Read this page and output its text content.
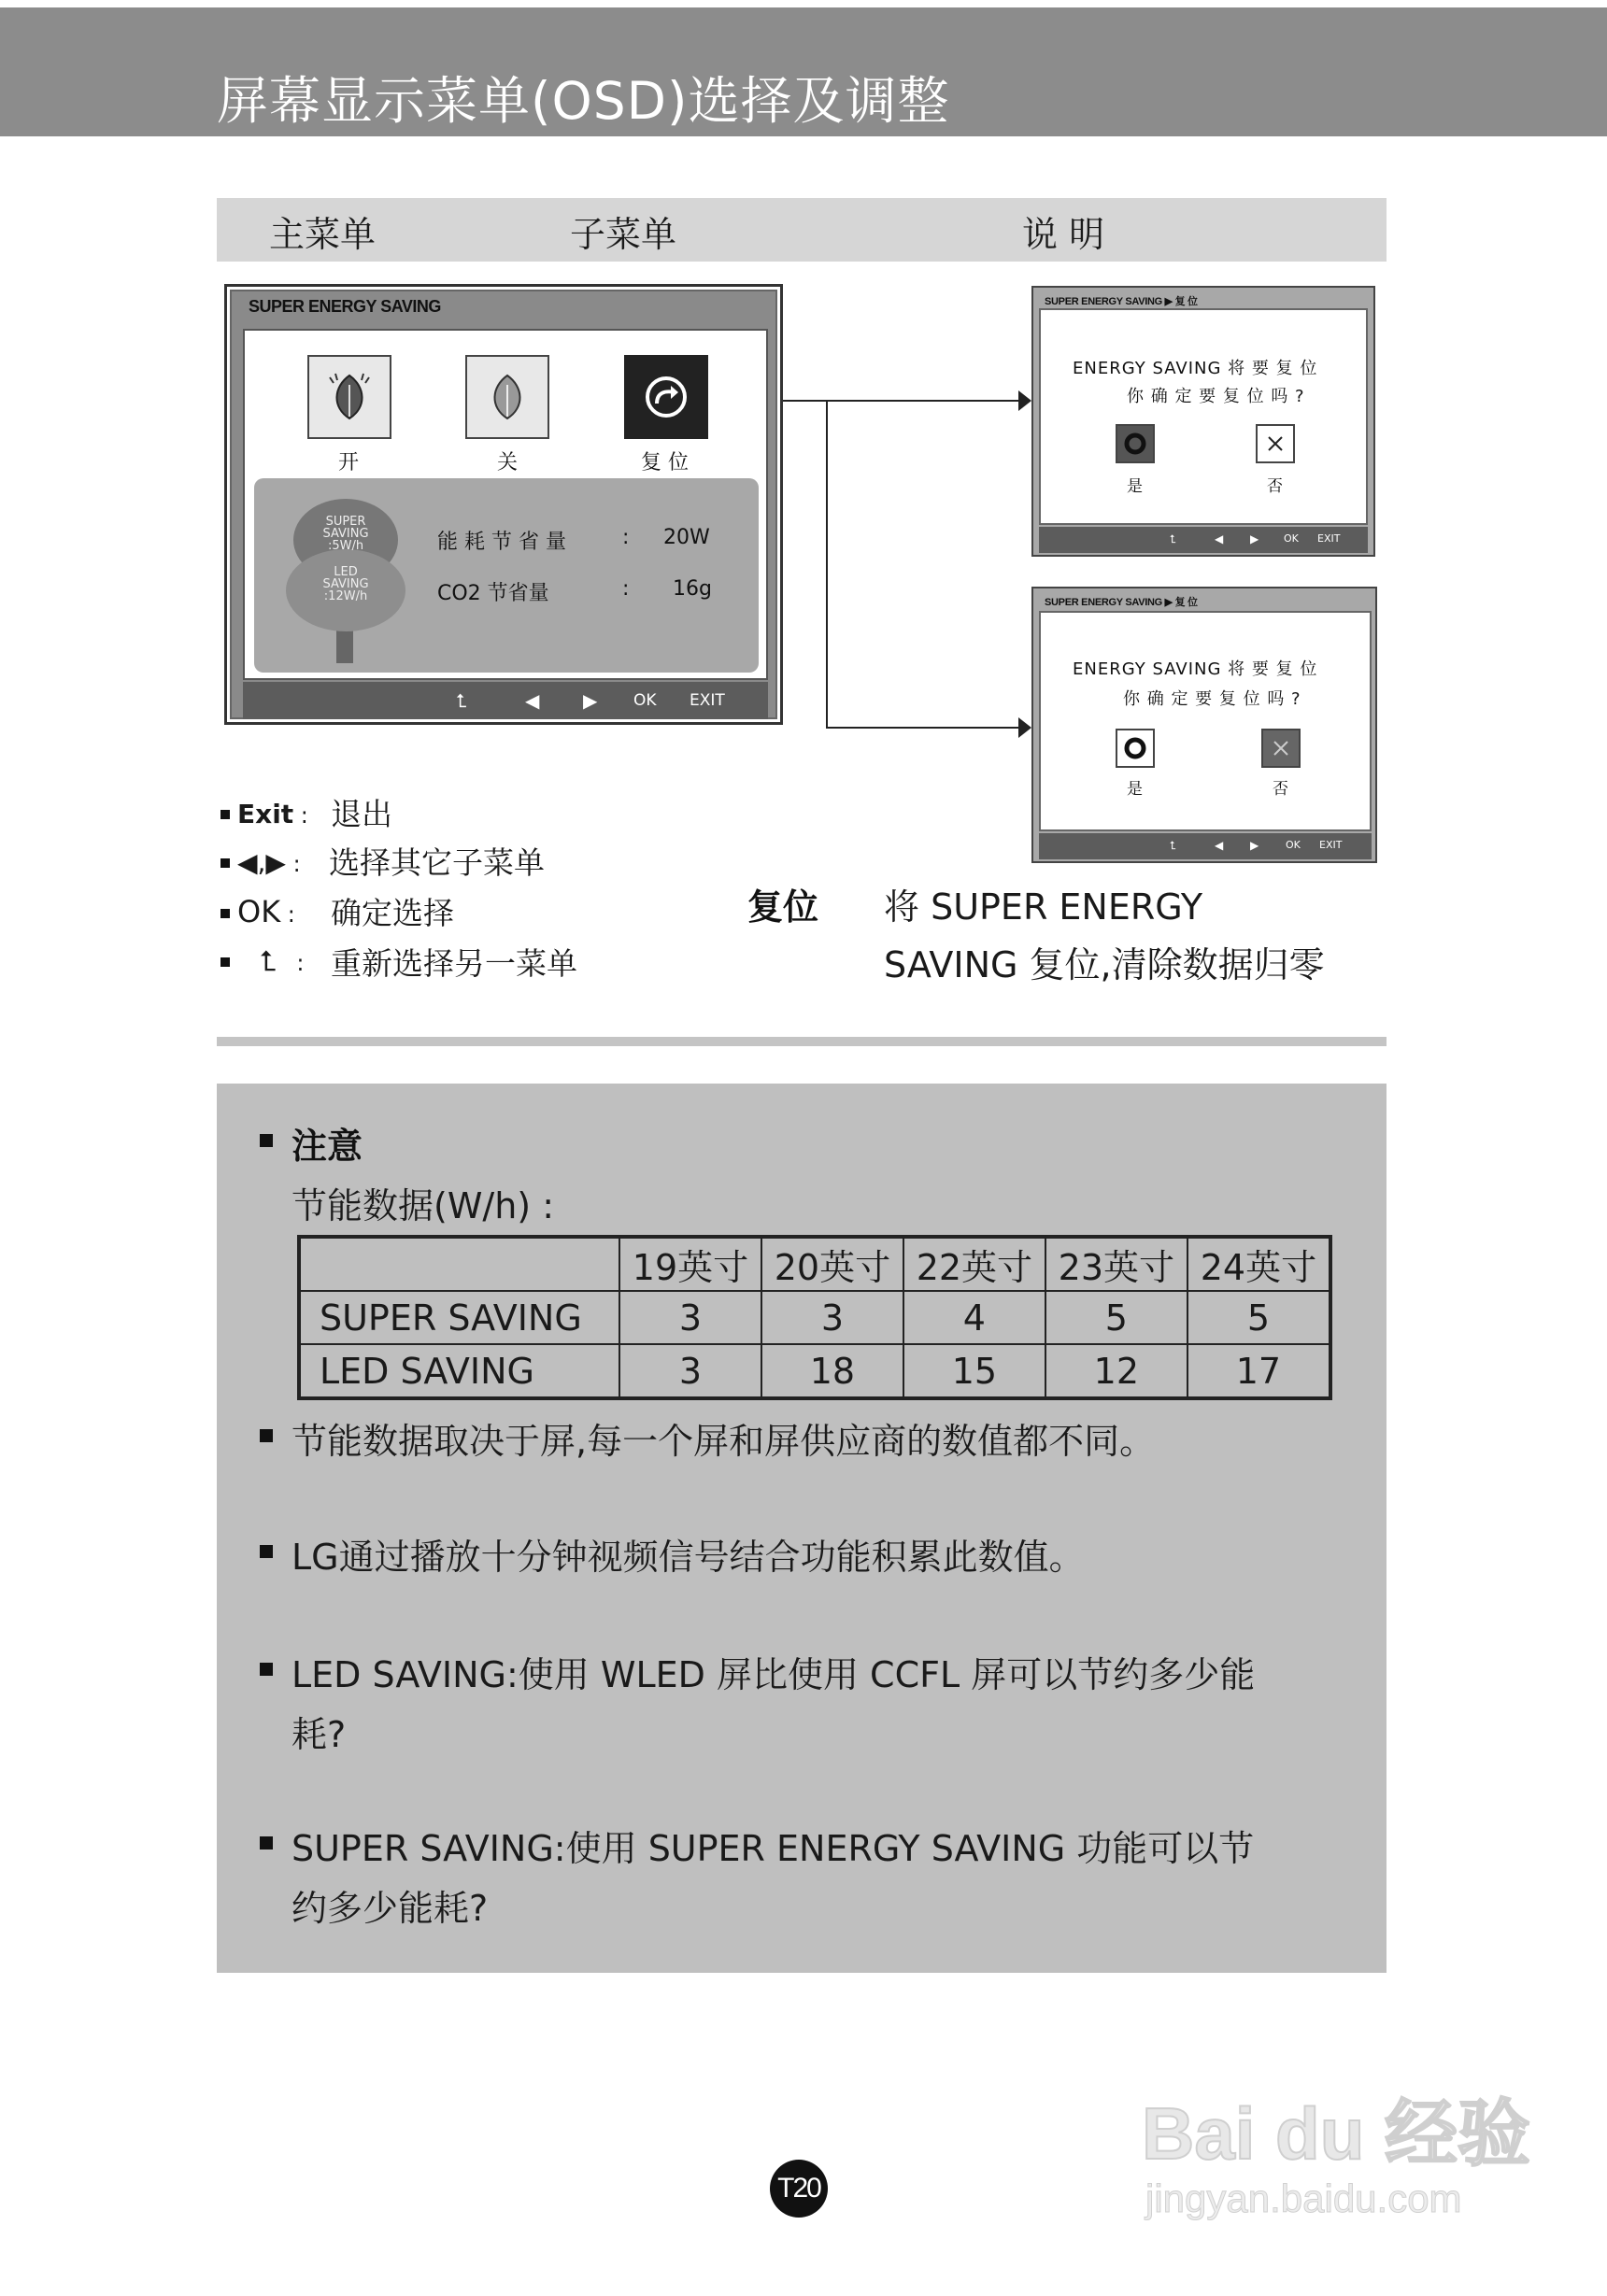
屏幕显示菜单(OSD)选择及调整
主菜单	子菜单	说 明
SUPER ENERGY SAVING
开	关	复 位
SUPER
SAVING
:5W/h
LED
SAVING
:12W/h
能 耗 节 省 量	: 20W
CO2 节省量	: 16g
⮤	◀ ▶ OK EXIT
SUPER ENERGY SAVING ▶ 复 位
ENERGY SAVING 将 要 复 位
你 确 定 要 复 位 吗 ?
是	否
⮤	◀ ▶ OK EXIT
SUPER ENERGY SAVING ▶ 复 位
ENERGY SAVING 将 要 复 位
你 确 定 要 复 位 吗 ?
是	否
⮤	◀ ▶	OK EXIT
Exit : 退出
◀,▶ : 选择其它子菜单
OK : 确定选择
⮤ : 重新选择另一菜单
复位 将 SUPER ENERGY
SAVING 复位,清除数据归零
注意
节能数据(W/h) :
	19英寸	20英寸	22英寸	23英寸	24英寸
SUPER SAVING	3	3	4	5	5
LED SAVING	3	18	15	12	17
节能数据取决于屏,每一个屏和屏供应商的数值都不同。
LG通过播放十分钟视频信号结合功能积累此数值。
LED SAVING:使用 WLED 屏比使用 CCFL 屏可以节约多少能
耗?
SUPER SAVING:使用 SUPER ENERGY SAVING 功能可以节
约多少能耗?
T20
Bai du 经验
jingyan.baidu.com
